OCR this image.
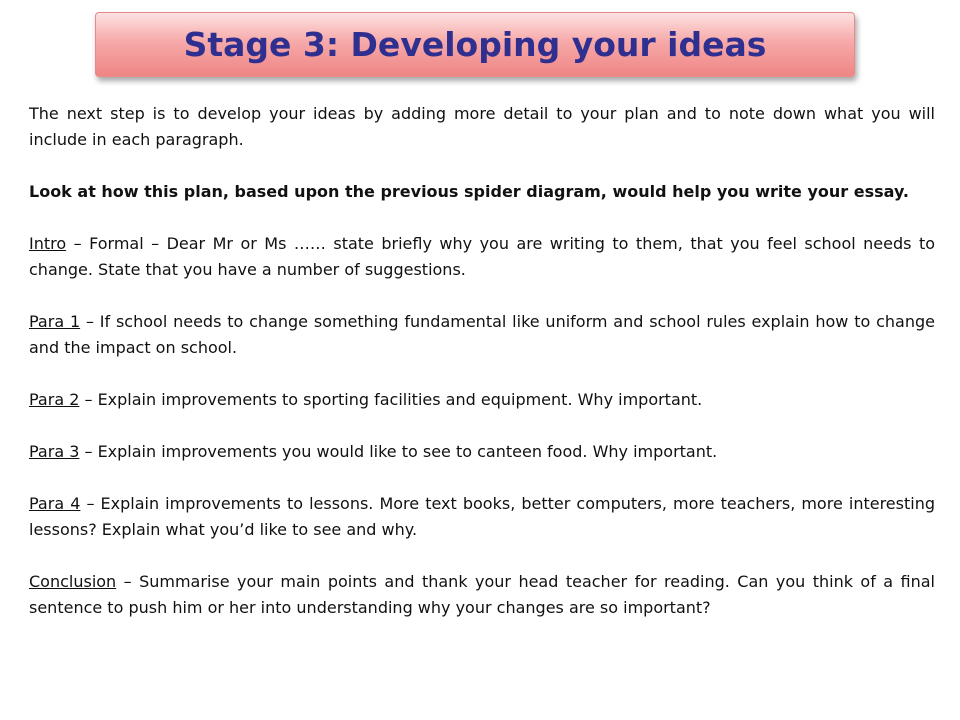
Stage 3: Developing your ideas

The next step is to develop your ideas by adding more detail to your plan and to note down what you will include in each paragraph.

Look at how this plan, based upon the previous spider diagram, would help you write your essay.

Intro – Formal – Dear Mr or Ms …… state briefly why you are writing to them, that you feel school needs to change. State that you have a number of suggestions.

Para 1 – If school needs to change something fundamental like uniform and school rules explain how to change and the impact on school.

Para 2 – Explain improvements to sporting facilities and equipment. Why important.

Para 3 – Explain improvements you would like to see to canteen food. Why important.

Para 4 – Explain improvements to lessons. More text books, better computers, more teachers, more interesting lessons? Explain what you’d like to see and why.

Conclusion – Summarise your main points and thank your head teacher for reading. Can you think of a final sentence to push him or her into understanding why your changes are so important?
